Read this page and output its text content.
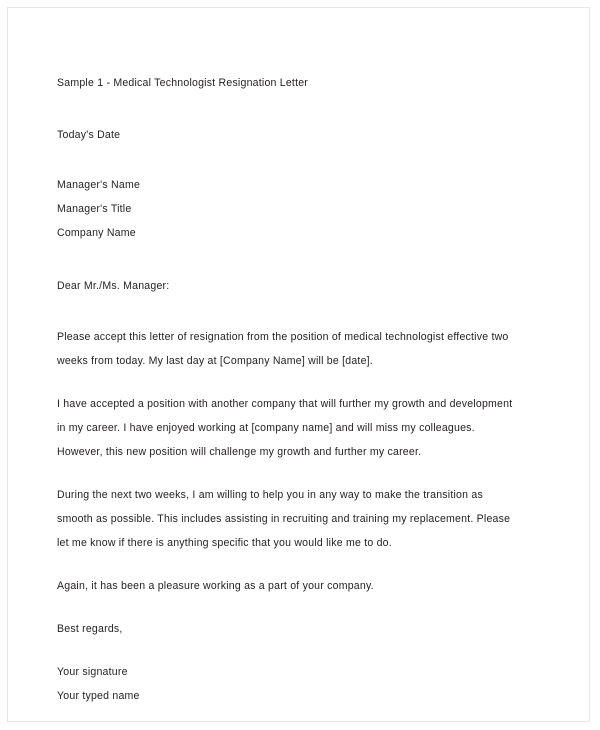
Sample 1 - Medical Technologist Resignation Letter
Today's Date
Manager's Name
Manager's Title
Company Name
Dear Mr./Ms. Manager:

Please accept this letter of resignation from the position of medical technologist effective two weeks from today. My last day at [Company Name] will be [date].

I have accepted a position with another company that will further my growth and development in my career. I have enjoyed working at [company name] and will miss my colleagues. However, this new position will challenge my growth and further my career.

During the next two weeks, I am willing to help you in any way to make the transition as smooth as possible. This includes assisting in recruiting and training my replacement. Please let me know if there is anything specific that you would like me to do.

Again, it has been a pleasure working as a part of your company.

Best regards,
Your signature
Your typed name
